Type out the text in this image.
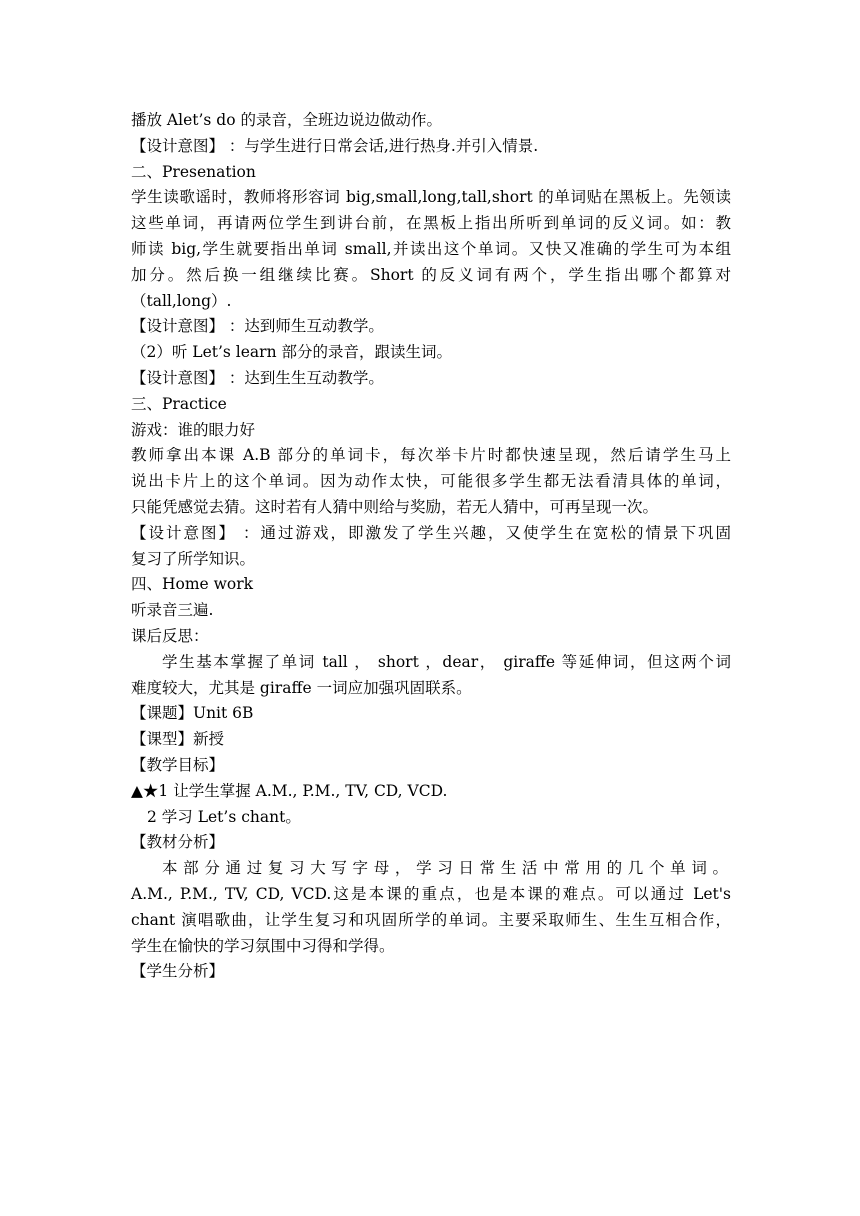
播放 Alet’s do 的录音，全班边说边做动作。

【设计意图】 ：与学生进行日常会话,进行热身.并引入情景.

二、Presenation

学生读歌谣时，教师将形容词 big,small,long,tall,short 的单词贴在黑板上。先领读

这些单词，再请两位学生到讲台前，在黑板上指出所听到单词的反义词。如：教

师读 big,学生就要指出单词 small,并读出这个单词。又快又准确的学生可为本组

加分。然后换一组继续比赛。Short 的反义词有两个，学生指出哪个都算对

（tall,long）.

【设计意图】 ：达到师生互动教学。

（2）听 Let’s learn 部分的录音，跟读生词。

【设计意图】 ：达到生生互动教学。

三、Practice

游戏：谁的眼力好

教师拿出本课 A.B 部分的单词卡，每次举卡片时都快速呈现，然后请学生马上

说出卡片上的这个单词。因为动作太快，可能很多学生都无法看清具体的单词，

只能凭感觉去猜。这时若有人猜中则给与奖励，若无人猜中，可再呈现一次。

【设计意图】 ：通过游戏，即激发了学生兴趣，又使学生在宽松的情景下巩固

复习了所学知识。

四、Home work

听录音三遍.

课后反思：

学生基本掌握了单词 tall ， short ，dear， giraffe 等延伸词，但这两个词

难度较大，尤其是 giraffe 一词应加强巩固联系。

【课题】Unit 6B

【课型】新授

【教学目标】

▲★1 让学生掌握 A.M., P.M., TV, CD, VCD.

2 学习 Let’s chant。

【教材分析】

本部分通过复习大写字母，学习日常生活中常用的几个单词。

A.M., P.M., TV, CD, VCD.这是本课的重点，也是本课的难点。可以通过 Let's

chant 演唱歌曲，让学生复习和巩固所学的单词。主要采取师生、生生互相合作，

学生在愉快的学习氛围中习得和学得。

【学生分析】
